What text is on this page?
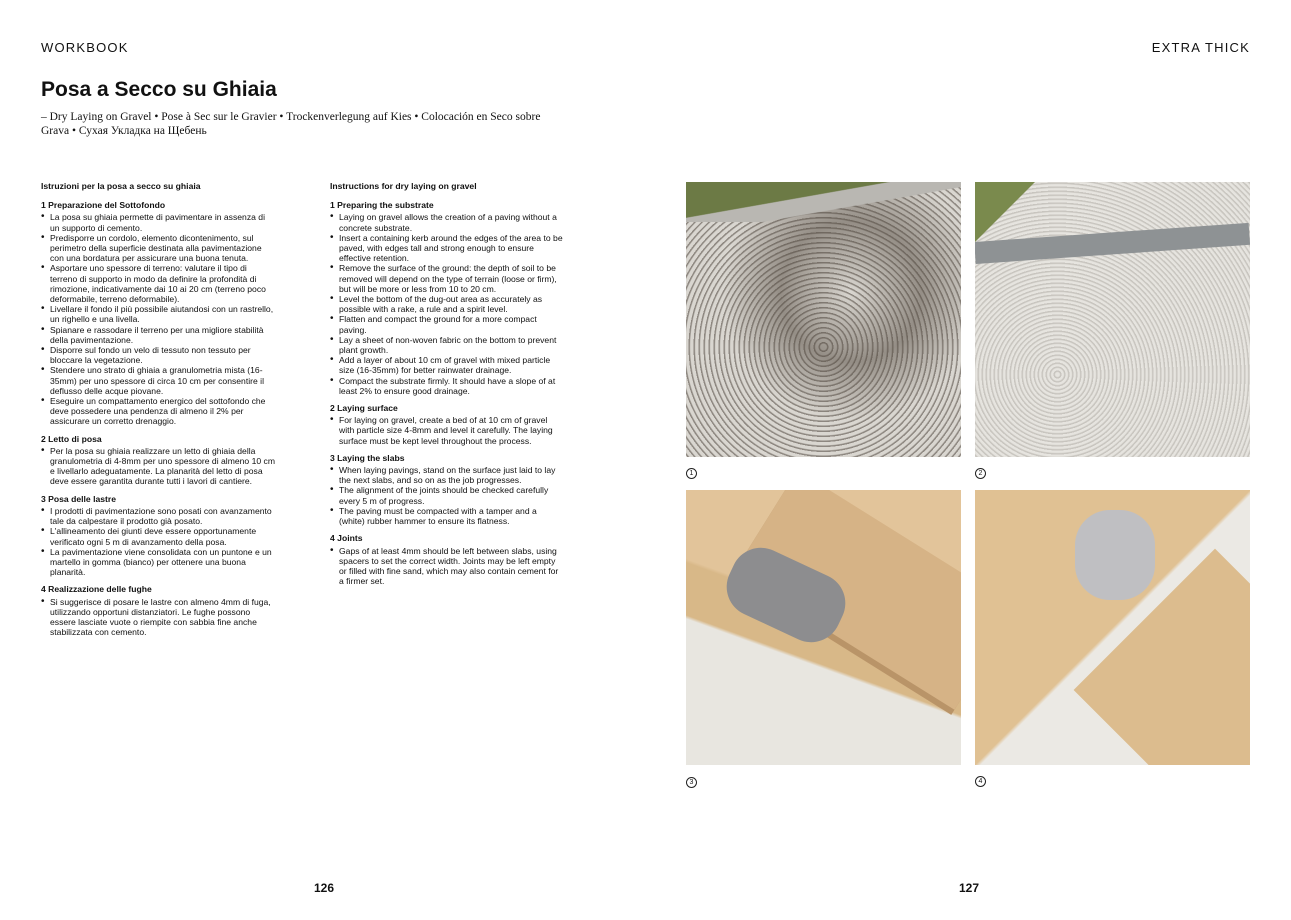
WORKBOOK	EXTRA THICK
Posa a Secco su Ghiaia
– Dry Laying on Gravel • Pose à Sec sur le Gravier • Trockenverlegung auf Kies • Colocación en Seco sobre Grava • Сухая Укладка на Щебень
Istruzioni per la posa a secco su ghiaia
1 Preparazione del Sottofondo
• La posa su ghiaia permette di pavimentare in assenza di un supporto di cemento.
• Predisporre un cordolo, elemento dicontenimento, sul perimetro della superficie destinata alla pavimentazione con una bordatura per assicurare una buona tenuta.
• Asportare uno spessore di terreno: valutare il tipo di terreno di supporto in modo da definire la profondità di rimozione, indicativamente dai 10 ai 20 cm (terreno poco deformabile, terreno deformabile).
• Livellare il fondo il più possibile aiutandosi con un rastrello, un righello e una livella.
• Spianare e rassodare il terreno per una migliore stabilità della pavimentazione.
• Disporre sul fondo un velo di tessuto non tessuto per bloccare la vegetazione.
• Stendere uno strato di ghiaia a granulometria mista (16-35mm) per uno spessore di circa 10 cm per consentire il deflusso delle acque piovane.
• Eseguire un compattamento energico del sottofondo che deve possedere una pendenza di almeno il 2% per assicurare un corretto drenaggio.
2 Letto di posa
• Per la posa su ghiaia realizzare un letto di ghiaia della granulometria di 4-8mm per uno spessore di almeno 10 cm e livellarlo adeguatamente. La planarità del letto di posa deve essere garantita durante tutti i lavori di cantiere.
3 Posa delle lastre
• I prodotti di pavimentazione sono posati con avanzamento tale da calpestare il prodotto già posato.
• L'allineamento dei giunti deve essere opportunamente verificato ogni 5 m di avanzamento della posa.
• La pavimentazione viene consolidata con un puntone e un martello in gomma (bianco) per ottenere una buona planarità.
4 Realizzazione delle fughe
• Si suggerisce di posare le lastre con almeno 4mm di fuga, utilizzando opportuni distanziatori. Le fughe possono essere lasciate vuote o riempite con sabbia fine anche stabilizzata con cemento.
Instructions for dry laying on gravel
1 Preparing the substrate
• Laying on gravel allows the creation of a paving without a concrete substrate.
• Insert a containing kerb around the edges of the area to be paved, with edges tall and strong enough to ensure effective retention.
• Remove the surface of the ground: the depth of soil to be removed will depend on the type of terrain (loose or firm), but will be more or less from 10 to 20 cm.
• Level the bottom of the dug-out area as accurately as possible with a rake, a rule and a spirit level.
• Flatten and compact the ground for a more compact paving.
• Lay a sheet of non-woven fabric on the bottom to prevent plant growth.
• Add a layer of about 10 cm of gravel with mixed particle size (16-35mm) for better rainwater drainage.
• Compact the substrate firmly. It should have a slope of at least 2% to ensure good drainage.
2 Laying surface
• For laying on gravel, create a bed of at 10 cm of gravel with particle size 4-8mm and level it carefully. The laying surface must be kept level throughout the process.
3 Laying the slabs
• When laying pavings, stand on the surface just laid to lay the next slabs, and so on as the job progresses.
• The alignment of the joints should be checked carefully every 5 m of progress.
• The paving must be compacted with a tamper and a (white) rubber hammer to ensure its flatness.
4 Joints
• Gaps of at least 4mm should be left between slabs, using spacers to set the correct width. Joints may be left empty or filled with fine sand, which may also contain cement for a firmer set.
1	2
3	4
126	127
